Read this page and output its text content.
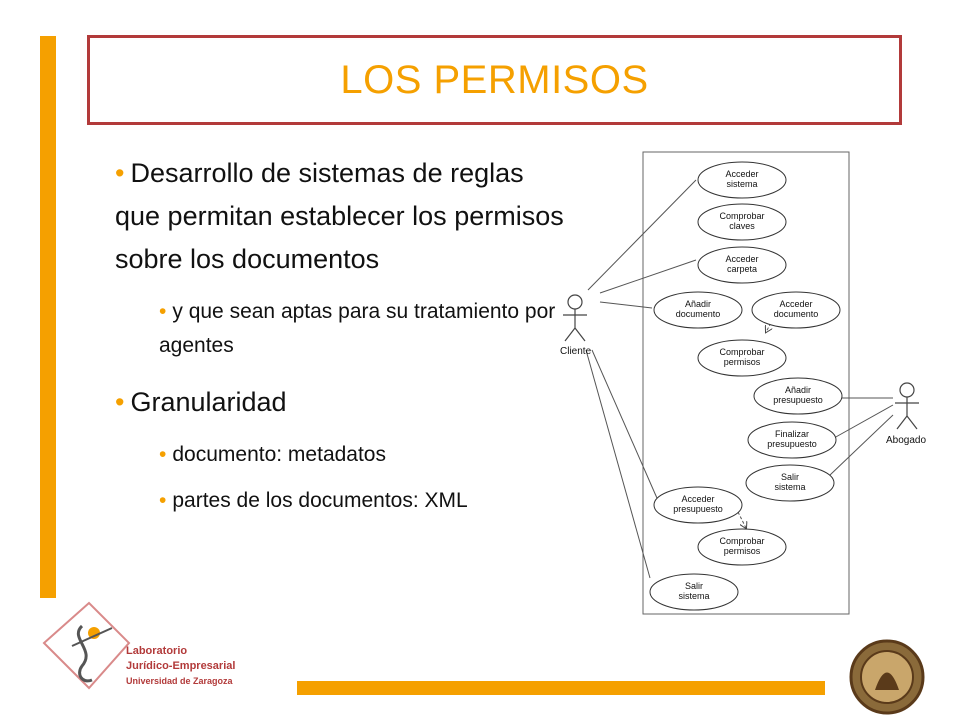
LOS PERMISOS

• Desarrollo de sistemas de reglas que permitan establecer los permisos sobre los documentos

• y que sean aptas para su tratamiento por agentes

• Granularidad

• documento: metadatos

• partes de los documentos: XML

Cliente
Abogado
Acceder
sistema
Comprobar
claves
Acceder
carpeta
Añadir
documento
Acceder
documento
Comprobar
permisos
Añadir
presupuesto
Finalizar
presupuesto
Salir
sistema
Acceder
presupuesto
Comprobar
permisos
Salir
sistema
Laboratorio
Jurídico-Empresarial
Universidad de Zaragoza
